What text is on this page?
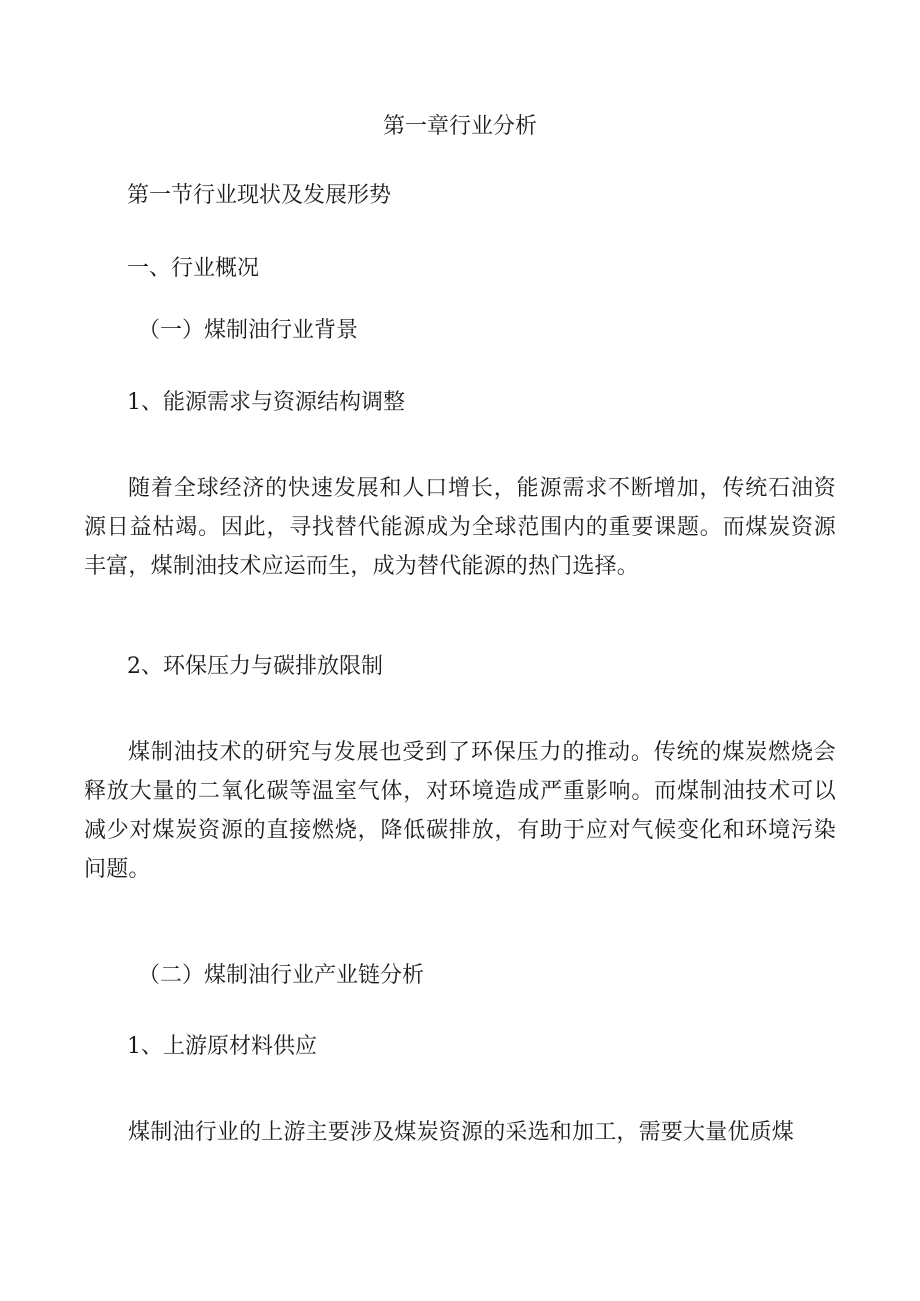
第一章行业分析
第一节行业现状及发展形势
一、行业概况
（一）煤制油行业背景
1、能源需求与资源结构调整
随着全球经济的快速发展和人口增长，能源需求不断增加，传统石油资源日益枯竭。因此，寻找替代能源成为全球范围内的重要课题。而煤炭资源丰富，煤制油技术应运而生，成为替代能源的热门选择。
2、环保压力与碳排放限制
煤制油技术的研究与发展也受到了环保压力的推动。传统的煤炭燃烧会释放大量的二氧化碳等温室气体，对环境造成严重影响。而煤制油技术可以减少对煤炭资源的直接燃烧，降低碳排放，有助于应对气候变化和环境污染问题。
（二）煤制油行业产业链分析
1、上游原材料供应
煤制油行业的上游主要涉及煤炭资源的采选和加工，需要大量优质煤
